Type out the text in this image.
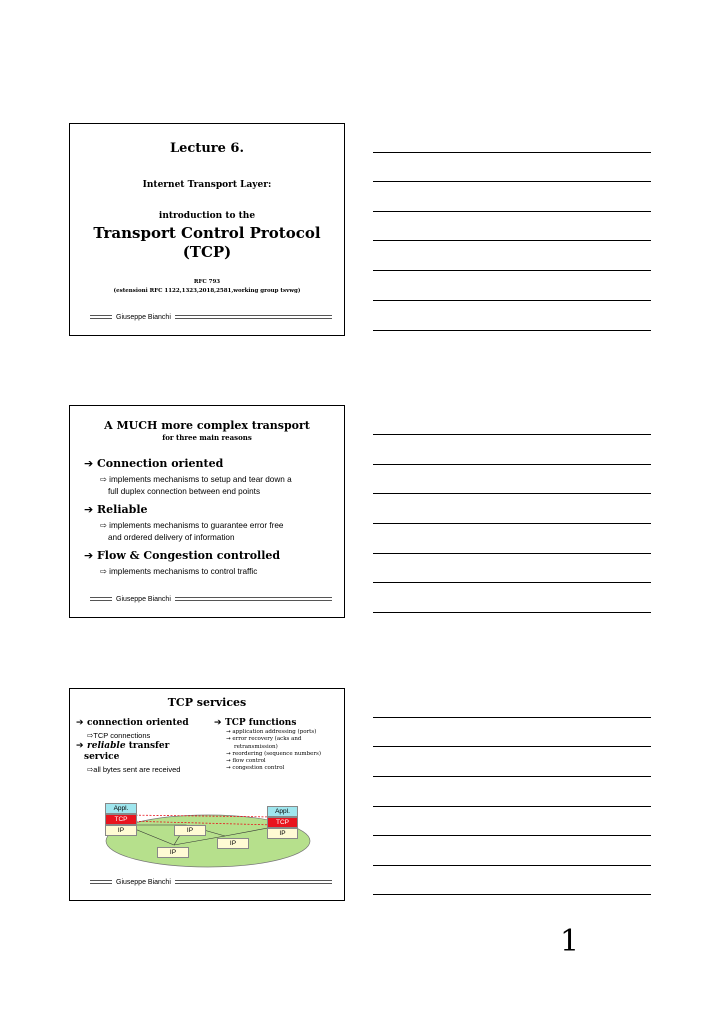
Lecture 6.
Internet Transport Layer:
introduction to the
Transport Control Protocol
(TCP)
RFC 793
(estensioni RFC 1122,1323,2018,2581,working group tsvwg)
Giuseppe Bianchi
A MUCH more complex transport
for three main reasons
➔ Connection oriented
⇨ implements mechanisms to setup and tear down a
full duplex connection between end points
➔ Reliable
⇨ implements mechanisms to guarantee error free
and ordered delivery of information
➔ Flow & Congestion controlled
⇨ implements mechanisms to control traffic
Giuseppe Bianchi
TCP services
➔ connection oriented
⇨TCP connections
➔ reliable transfer
service
⇨all bytes sent are received
➔ TCP functions
→ application addressing (ports)
→ error recovery (acks and
retransmission)
→ reordering (sequence numbers)
→ flow control
→ congestion control
Appl.
TCP
IP
Appl.
TCP
IP
IP
IP
IP
Giuseppe Bianchi
1
